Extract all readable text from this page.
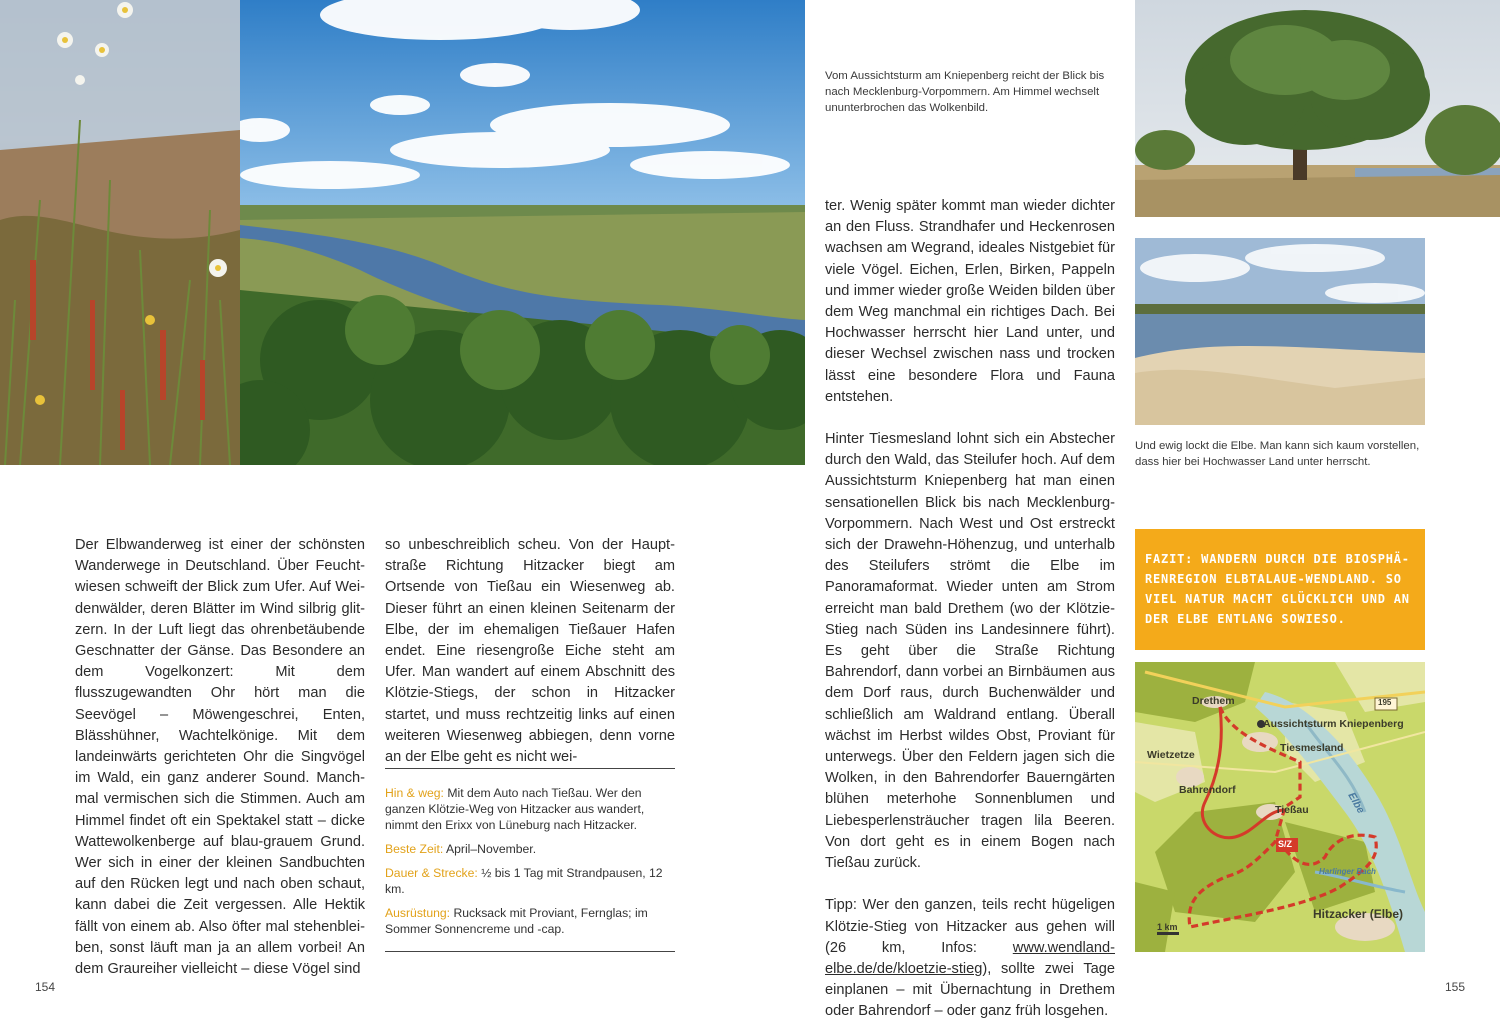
Der Elbwanderweg ist einer der schönsten Wanderwege in Deutschland. Über Feuchtwiesen schweift der Blick zum Ufer. Auf Weidenwälder, deren Blätter im Wind silbrig glitzern. In der Luft liegt das ohrenbetäubende Geschnatter der Gänse. Das Besondere an dem Vogelkonzert: Mit dem flusszugewandten Ohr hört man die Seevögel – Möwengeschrei, Enten, Blässhühner, Wachtelkönige. Mit dem landeinwärts gerichteten Ohr die Singvögel im Wald, ein ganz anderer Sound. Manchmal vermischen sich die Stimmen. Auch am Himmel findet oft ein Spektakel statt – dicke Wattewolkenberge auf blau-grauem Grund. Wer sich in einer der kleinen Sandbuchten auf den Rücken legt und nach oben schaut, kann dabei die Zeit vergessen. Alle Hektik fällt von einem ab. Also öfter mal stehenbleiben, sonst läuft man ja an allem vorbei! An dem Graureiher vielleicht – diese Vögel sind

so unbeschreiblich scheu. Von der Hauptstraße Richtung Hitzacker biegt am Ortsende von Tießau ein Wiesenweg ab. Dieser führt an einen kleinen Seitenarm der Elbe, der im ehemaligen Tießauer Hafen endet. Eine riesengroße Eiche steht am Ufer. Man wandert auf einem Abschnitt des Klötzie-Stiegs, der schon in Hitzacker startet, und muss rechtzeitig links auf einen weiteren Wiesenweg abbiegen, denn vorne an der Elbe geht es nicht wei-

Hin & weg: Mit dem Auto nach Tießau. Wer den ganzen Klötzie-Weg von Hitzacker aus wandert, nimmt den Erixx von Lüneburg nach Hitzacker.
Beste Zeit: April–November.
Dauer & Strecke: ½ bis 1 Tag mit Strandpausen, 12 km.
Ausrüstung: Rucksack mit Proviant, Fernglas; im Sommer Sonnencreme und -cap.
154
Vom Aussichtsturm am Kniepenberg reicht der Blick bis nach Mecklenburg-Vorpommern. Am Himmel wechselt ununterbrochen das Wolkenbild.
Und ewig lockt die Elbe. Man kann sich kaum vorstellen, dass hier bei Hochwasser Land unter herrscht.

ter. Wenig später kommt man wieder dichter an den Fluss. Strandhafer und Heckenrosen wachsen am Wegrand, ideales Nistgebiet für viele Vögel. Eichen, Erlen, Birken, Pappeln und immer wieder große Weiden bilden über dem Weg manchmal ein richtiges Dach. Bei Hochwasser herrscht hier Land unter, und dieser Wechsel zwischen nass und trocken lässt eine besondere Flora und Fauna entstehen.

Hinter Tiesmesland lohnt sich ein Abstecher durch den Wald, das Steilufer hoch. Auf dem Aussichtsturm Kniepenberg hat man einen sensationellen Blick bis nach Mecklenburg-Vorpommern. Nach West und Ost erstreckt sich der Drawehn-Höhenzug, und unterhalb des Steilufers strömt die Elbe im Panoramaformat. Wieder unten am Strom erreicht man bald Drethem (wo der Klötzie-Stieg nach Süden ins Landesinnere führt). Es geht über die Straße Richtung Bahrendorf, dann vorbei an Birnbäumen aus dem Dorf raus, durch Buchenwälder und schließlich am Waldrand entlang. Überall wächst im Herbst wildes Obst, Proviant für unterwegs. Über den Feldern jagen sich die Wolken, in den Bahrendorfer Bauerngärten blühen meterhohe Sonnenblumen und Liebesperlensträucher tragen lila Beeren. Von dort geht es in einem Bogen nach Tießau zurück.

Tipp: Wer den ganzen, teils recht hügeligen Klötzie-Stieg von Hitzacker aus gehen will (26 km, Infos: www.wendland-elbe.de/de/kloetzie-stieg), sollte zwei Tage einplanen – mit Übernachtung in Drethem oder Bahrendorf – oder ganz früh losgehen.

FAZIT: WANDERN DURCH DIE BIOSPHÄRENREGION ELBTALAUE-WENDLAND. SO VIEL NATUR MACHT GLÜCKLICH UND AN DER ELBE ENTLANG SOWIESO.
Drethem
Aussichtsturm Kniepenberg
Tiesmesland
Wietzetze
Bahrendorf
Tießau
S/Z
Elbe
Harlinger Bach
Hitzacker (Elbe)
195
1 km
155
